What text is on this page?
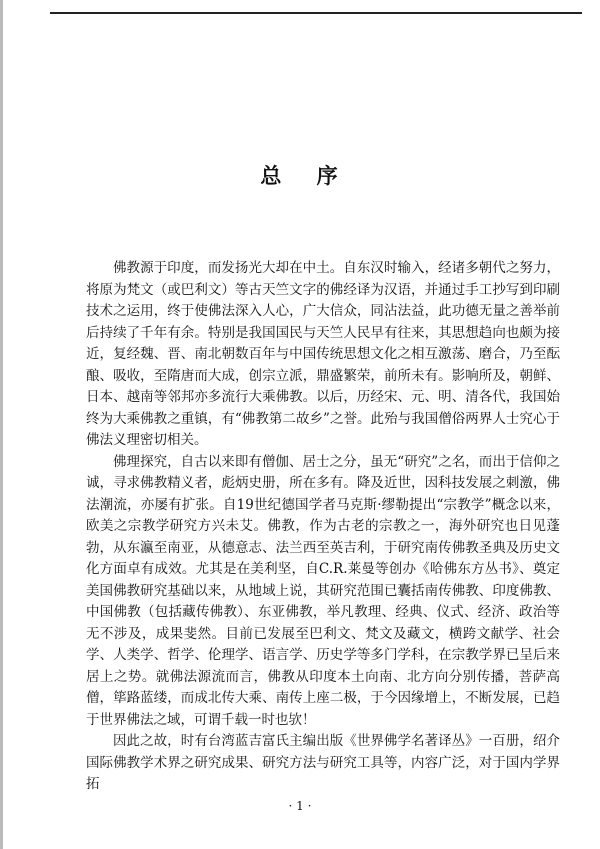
总 序

佛教源于印度，而发扬光大却在中土。自东汉时输入，经诸多朝代之努力，将原为梵文（或巴利文）等古天竺文字的佛经译为汉语，并通过手工抄写到印刷技术之运用，终于使佛法深入人心，广大信众，同沾法益，此功德无量之善举前后持续了千年有余。特别是我国国民与天竺人民早有往来，其思想趋向也颇为接近，复经魏、晋、南北朝数百年与中国传统思想文化之相互激荡、磨合，乃至酝酿、吸收，至隋唐而大成，创宗立派，鼎盛繁荣，前所未有。影响所及，朝鲜、日本、越南等邻邦亦多流行大乘佛教。以后，历经宋、元、明、清各代，我国始终为大乘佛教之重镇，有“佛教第二故乡”之誉。此殆与我国僧俗两界人士究心于佛法义理密切相关。

佛理探究，自古以来即有僧伽、居士之分，虽无“研究”之名，而出于信仰之诚，寻求佛教精义者，彪炳史册，所在多有。降及近世，因科技发展之刺激，佛法潮流，亦屡有扩张。自19世纪德国学者马克斯·缪勒提出“宗教学”概念以来，欧美之宗教学研究方兴未艾。佛教，作为古老的宗教之一，海外研究也日见蓬勃，从东瀛至南亚，从德意志、法兰西至英吉利，于研究南传佛教圣典及历史文化方面卓有成效。尤其是在美利坚，自C.R.莱曼等创办《哈佛东方丛书》、奠定美国佛教研究基础以来，从地域上说，其研究范围已囊括南传佛教、印度佛教、中国佛教（包括藏传佛教）、东亚佛教，举凡教理、经典、仪式、经济、政治等无不涉及，成果斐然。目前已发展至巴利文、梵文及藏文，横跨文献学、社会学、人类学、哲学、伦理学、语言学、历史学等多门学科，在宗教学界已呈后来居上之势。就佛法源流而言，佛教从印度本土向南、北方向分别传播，菩萨高僧，筚路蓝缕，而成北传大乘、南传上座二极，于今因缘增上，不断发展，已趋于世界佛法之域，可谓千载一时也欤！

因此之故，时有台湾蓝吉富氏主编出版《世界佛学名著译丛》一百册，绍介国际佛教学术界之研究成果、研究方法与研究工具等，内容广泛，对于国内学界拓

· 1 ·
